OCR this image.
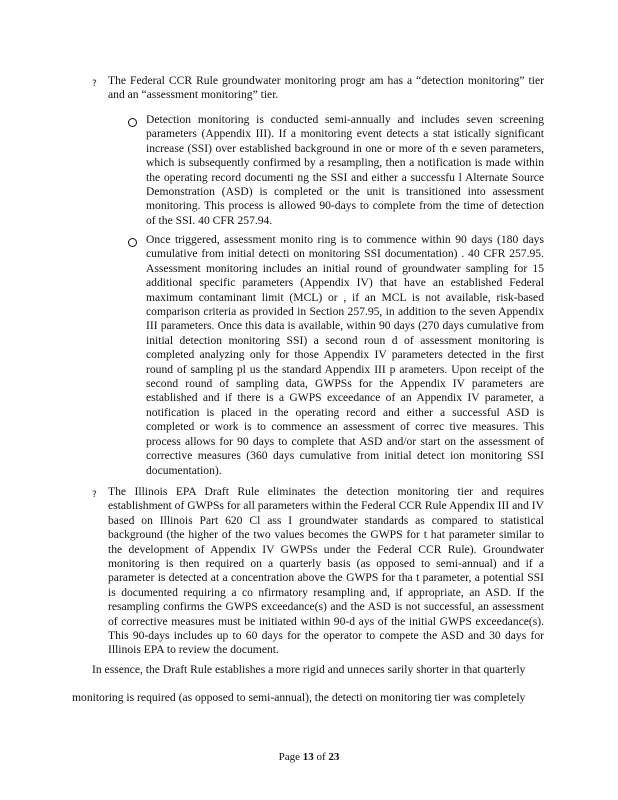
? The Federal CCR Rule groundwater monitoring progr am has a “detection monitoring” tier and an “assessment monitoring” tier.

Detection monitoring is conducted semi-annually and includes seven screening parameters (Appendix III). If a monitoring event detects a stat istically significant increase (SSI) over established background in one or more of th e seven parameters, which is subsequently confirmed by a resampling, then a notification is made within the operating record documenti ng the SSI and either a successfu l Alternate Source Demonstration (ASD) is completed or the unit is transitioned into assessment monitoring. This process is allowed 90-days to complete from the time of detection of the SSI. 40 CFR 257.94.

Once triggered, assessment monito ring is to commence within 90 days (180 days cumulative from initial detecti on monitoring SSI documentation) . 40 CFR 257.95. Assessment monitoring includes an initial round of groundwater sampling for 15 additional specific parameters (Appendix IV) that have an established Federal maximum contaminant limit (MCL) or , if an MCL is not available, risk-based comparison criteria as provided in Section 257.95, in addition to the seven Appendix III parameters. Once this data is available, within 90 days (270 days cumulative from initial detection monitoring SSI) a second roun d of assessment monitoring is completed analyzing only for those Appendix IV parameters detected in the first round of sampling pl us the standard Appendix III p arameters. Upon receipt of the second round of sampling data, GWPSs for the Appendix IV parameters are established and if there is a GWPS exceedance of an Appendix IV parameter, a notification is placed in the operating record and either a successful ASD is completed or work is to commence an assessment of correc tive measures. This process allows for 90 days to complete that ASD and/or start on the assessment of corrective measures (360 days cumulative from initial detect ion monitoring SSI documentation).

? The Illinois EPA Draft Rule eliminates the detection monitoring tier and requires establishment of GWPSs for all parameters within the Federal CCR Rule Appendix III and IV based on Illinois Part 620 Cl ass I groundwater standards as compared to statistical background (the higher of the two values becomes the GWPS for t hat parameter similar to the development of Appendix IV GWPSs under the Federal CCR Rule). Groundwater monitoring is then required on a quarterly basis (as opposed to semi-annual) and if a parameter is detected at a concentration above the GWPS for tha t parameter, a potential SSI is documented requiring a co nfirmatory resampling and, if appropriate, an ASD. If the resampling confirms the GWPS exceedance(s) and the ASD is not successful, an assessment of corrective measures must be initiated within 90-d ays of the initial GWPS exceedance(s). This 90-days includes up to 60 days for the operator to compete the ASD and 30 days for Illinois EPA to review the document.

In essence, the Draft Rule establishes a more rigid and unneces sarily shorter in that quarterly

monitoring is required (as opposed to semi-annual), the detecti on monitoring tier was completely

Page 13 of 23
